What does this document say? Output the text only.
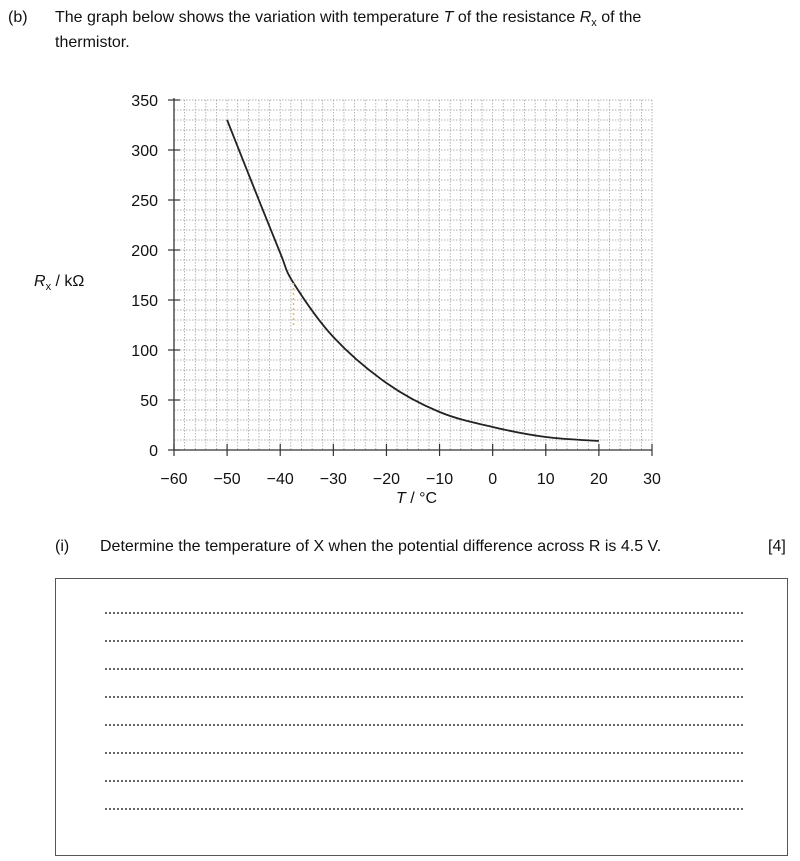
(b) The graph below shows the variation with temperature T of the resistance $R_x$ of the
thermistor.
−60 −50 −40 −30 −20 −10 0 10 20 30
0
50
100
150
200
250
300
350
$R_x$ / kΩ
T / °C
(i) Determine the temperature of X when the potential difference across R is 4.5 V.	[4]
